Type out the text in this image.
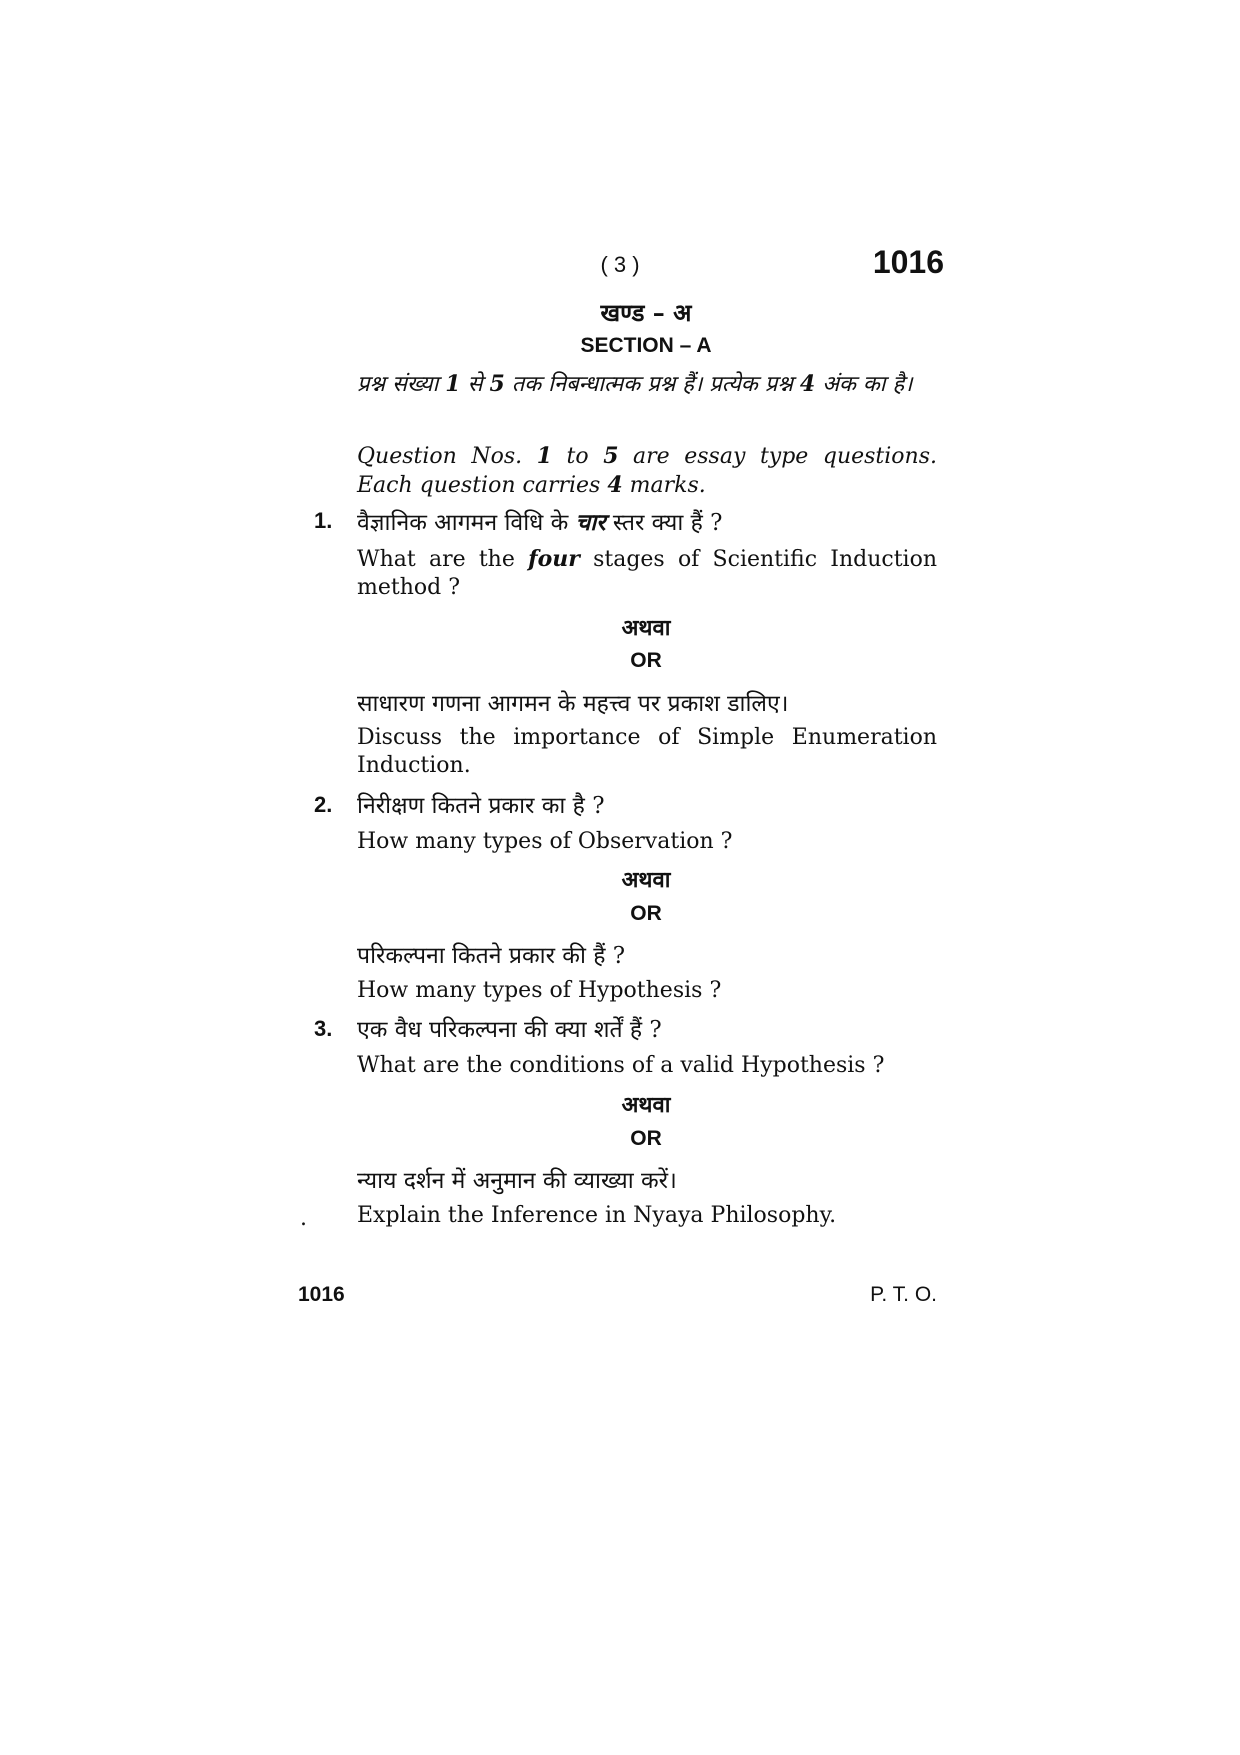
( 3 )	1016
खण्ड – अ
SECTION – A
प्रश्न संख्या 1 से 5 तक निबन्धात्मक प्रश्न हैं। प्रत्येक प्रश्न 4 अंक का है।
Question Nos. 1 to 5 are essay type questions. Each question carries 4 marks.
1. वैज्ञानिक आगमन विधि के चार स्तर क्या हैं ?
What are the four stages of Scientific Induction method ?
अथवा
OR
साधारण गणना आगमन के महत्त्व पर प्रकाश डालिए।
Discuss the importance of Simple Enumeration Induction.
2. निरीक्षण कितने प्रकार का है ?
How many types of Observation ?
अथवा
OR
परिकल्पना कितने प्रकार की हैं ?
How many types of Hypothesis ?
3. एक वैध परिकल्पना की क्या शर्तें हैं ?
What are the conditions of a valid Hypothesis ?
अथवा
OR
न्याय दर्शन में अनुमान की व्याख्या करें।
. Explain the Inference in Nyaya Philosophy.
1016	P. T. O.
